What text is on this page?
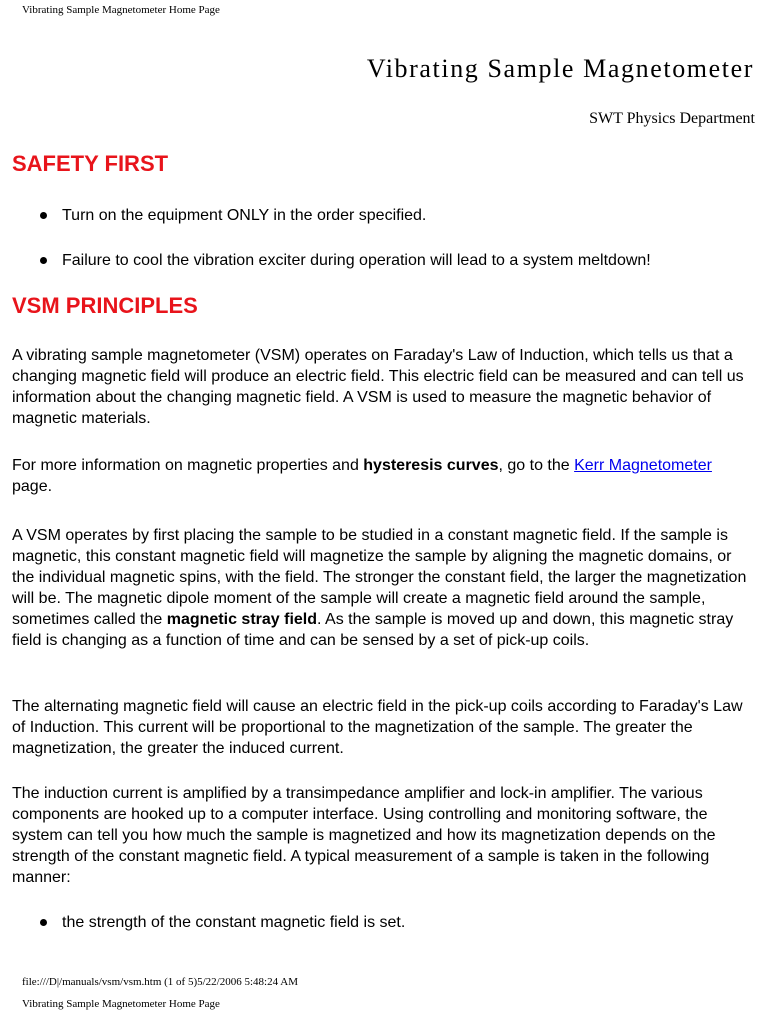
Vibrating Sample Magnetometer Home Page
Vibrating Sample Magnetometer
SWT Physics Department
SAFETY FIRST
Turn on the equipment ONLY in the order specified.
Failure to cool the vibration exciter during operation will lead to a system meltdown!
VSM PRINCIPLES

A vibrating sample magnetometer (VSM) operates on Faraday's Law of Induction, which tells us that a changing magnetic field will produce an electric field. This electric field can be measured and can tell us information about the changing magnetic field. A VSM is used to measure the magnetic behavior of magnetic materials.

For more information on magnetic properties and hysteresis curves, go to the Kerr Magnetometer page.

A VSM operates by first placing the sample to be studied in a constant magnetic field. If the sample is magnetic, this constant magnetic field will magnetize the sample by aligning the magnetic domains, or the individual magnetic spins, with the field. The stronger the constant field, the larger the magnetization will be. The magnetic dipole moment of the sample will create a magnetic field around the sample, sometimes called the magnetic stray field. As the sample is moved up and down, this magnetic stray field is changing as a function of time and can be sensed by a set of pick-up coils.

The alternating magnetic field will cause an electric field in the pick-up coils according to Faraday's Law of Induction. This current will be proportional to the magnetization of the sample. The greater the magnetization, the greater the induced current.

The induction current is amplified by a transimpedance amplifier and lock-in amplifier. The various components are hooked up to a computer interface. Using controlling and monitoring software, the system can tell you how much the sample is magnetized and how its magnetization depends on the strength of the constant magnetic field. A typical measurement of a sample is taken in the following manner:

the strength of the constant magnetic field is set.
file:///D|/manuals/vsm/vsm.htm (1 of 5)5/22/2006 5:48:24 AM
Vibrating Sample Magnetometer Home Page
